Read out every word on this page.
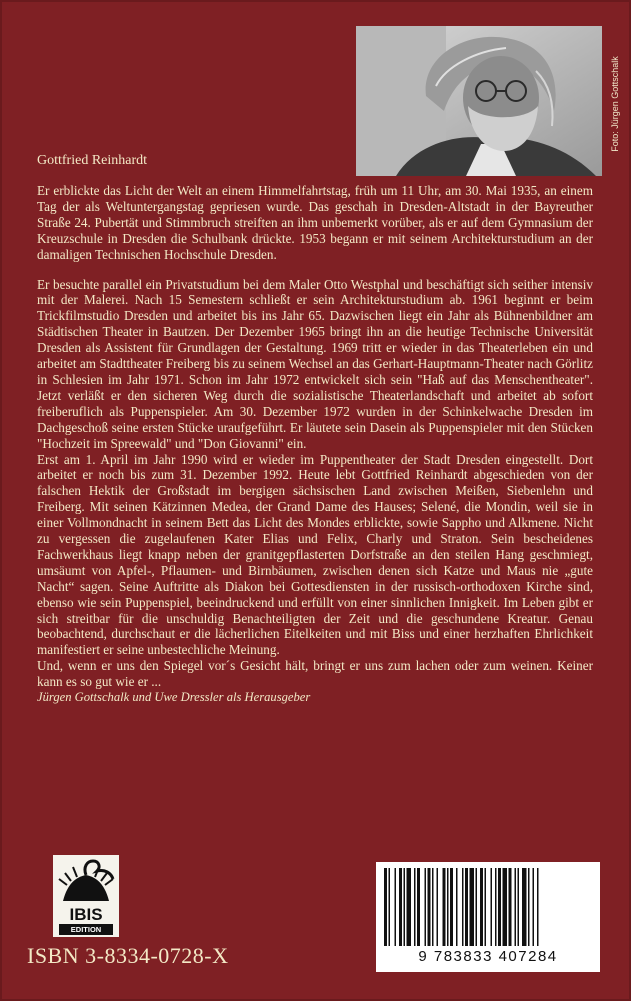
Foto: Jürgen Gottschalk
Gottfried Reinhardt

Er erblickte das Licht der Welt an einem Himmelfahrtstag, früh um 11 Uhr, am 30. Mai 1935, an einem Tag der als Weltuntergangstag gepriesen wurde. Das geschah in Dresden-Altstadt in der Bayreuther Straße 24. Pubertät und Stimmbruch streiften an ihm unbemerkt vorüber, als er auf dem Gymnasium der Kreuzschule in Dresden die Schulbank drückte. 1953 begann er mit seinem Architekturstudium an der damaligen Technischen Hochschule Dresden.

Er besuchte parallel ein Privatstudium bei dem Maler Otto Westphal und beschäftigt sich seither intensiv mit der Malerei. Nach 15 Semestern schließt er sein Architekturstudium ab. 1961 beginnt er beim Trickfilmstudio Dresden und arbeitet bis ins Jahr 65. Dazwischen liegt ein Jahr als Bühnenbildner am Städtischen Theater in Bautzen. Der Dezember 1965 bringt ihn an die heutige Technische Universität Dresden als Assistent für Grundlagen der Gestaltung. 1969 tritt er wieder in das Theaterleben ein und arbeitet am Stadttheater Freiberg bis zu seinem Wechsel an das Gerhart-Hauptmann-Theater nach Görlitz in Schlesien im Jahr 1971. Schon im Jahr 1972 entwickelt sich sein "Haß auf das Menschentheater". Jetzt verläßt er den sicheren Weg durch die sozialistische Theaterlandschaft und arbeitet ab sofort freiberuflich als Puppenspieler. Am 30. Dezember 1972 wurden in der Schinkelwache Dresden im Dachgeschoß seine ersten Stücke uraufgeführt. Er läutete sein Dasein als Puppenspieler mit den Stücken "Hochzeit im Spreewald" und "Don Giovanni" ein.

Erst am 1. April im Jahr 1990 wird er wieder im Puppentheater der Stadt Dresden eingestellt. Dort arbeitet er noch bis zum 31. Dezember 1992. Heute lebt Gottfried Reinhardt abgeschieden von der falschen Hektik der Großstadt im bergigen sächsischen Land zwischen Meißen, Siebenlehn und Freiberg. Mit seinen Kätzinnen Medea, der Grand Dame des Hauses; Selené, die Mondin, weil sie in einer Vollmondnacht in seinem Bett das Licht des Mondes erblickte, sowie Sappho und Alkmene. Nicht zu vergessen die zugelaufenen Kater Elias und Felix, Charly und Straton. Sein bescheidenes Fachwerkhaus liegt knapp neben der granitgepflasterten Dorfstraße an den steilen Hang geschmiegt, umsäumt von Apfel-, Pflaumen- und Birnbäumen, zwischen denen sich Katze und Maus nie „gute Nacht“ sagen. Seine Auftritte als Diakon bei Gottesdiensten in der russisch-orthodoxen Kirche sind, ebenso wie sein Puppenspiel, beeindruckend und erfüllt von einer sinnlichen Innigkeit. Im Leben gibt er sich streitbar für die unschuldig Benachteiligten der Zeit und die geschundene Kreatur. Genau beobachtend, durchschaut er die lächerlichen Eitelkeiten und mit Biss und einer herzhaften Ehrlichkeit manifestiert er seine unbestechliche Meinung.

Und, wenn er uns den Spiegel vor´s Gesicht hält, bringt er uns zum lachen oder zum weinen. Keiner kann es so gut wie er ...

Jürgen Gottschalk und Uwe Dressler als Herausgeber

IBIS
EDITION
ISBN 3-8334-0728-X	9 783833 407284
